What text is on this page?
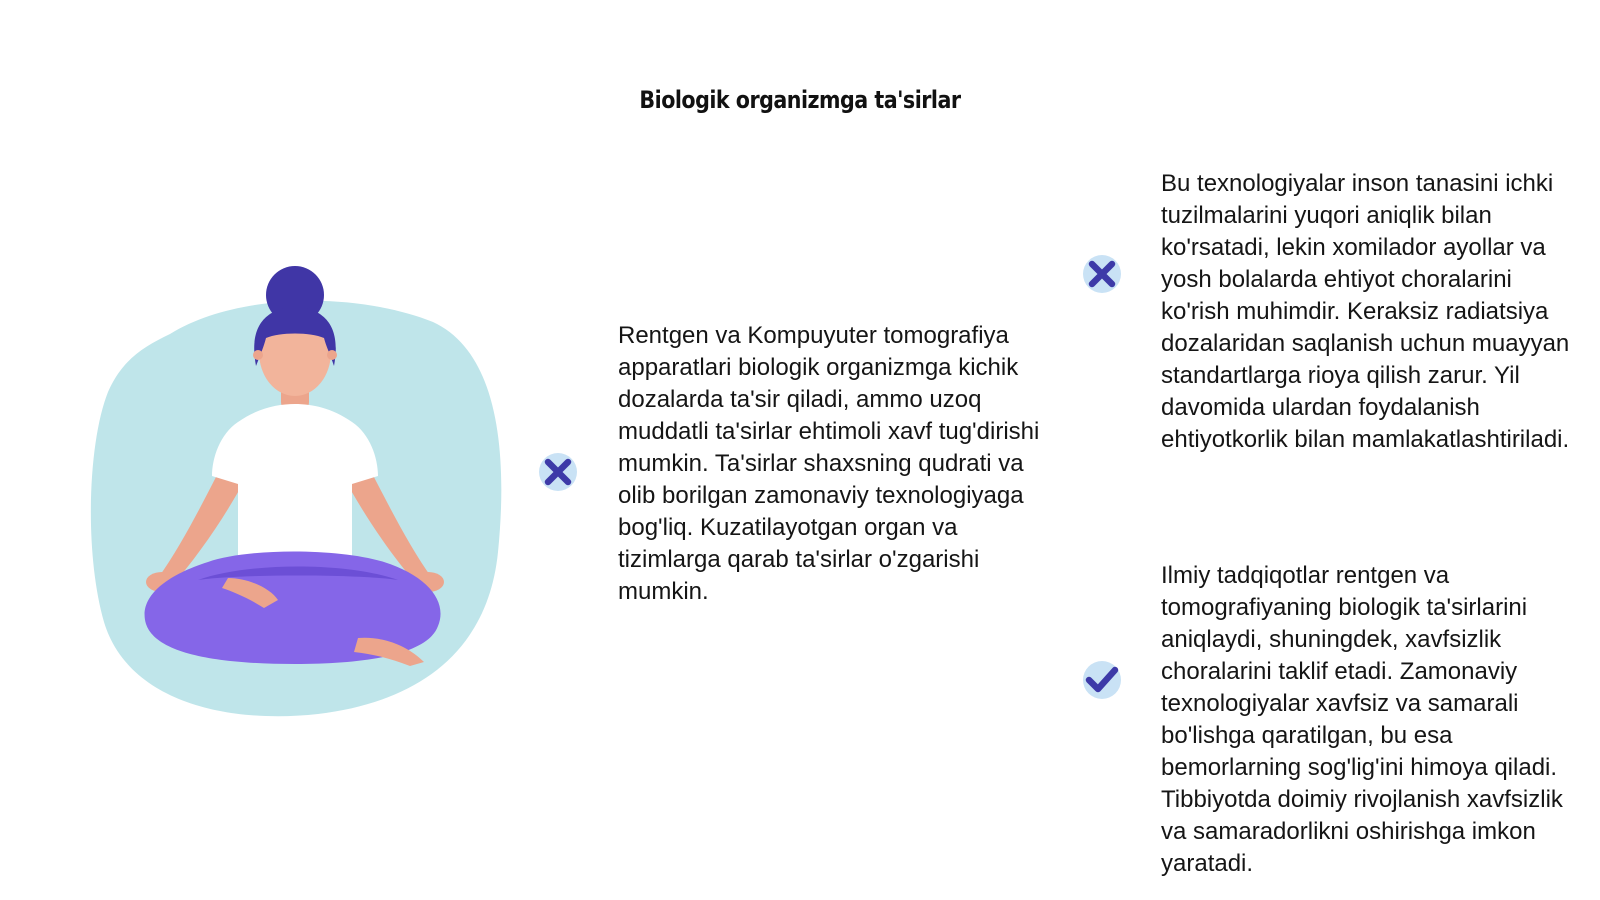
Biologik organizmga ta'sirlar
Rentgen va Kompuyuter tomografiya apparatlari biologik organizmga kichik dozalarda ta'sir qiladi, ammo uzoq muddatli ta'sirlar ehtimoli xavf tug'dirishi mumkin. Ta'sirlar shaxsning qudrati va olib borilgan zamonaviy texnologiyaga bog'liq. Kuzatilayotgan organ va tizimlarga qarab ta'sirlar o'zgarishi mumkin.
Bu texnologiyalar inson tanasini ichki tuzilmalarini yuqori aniqlik bilan ko'rsatadi, lekin xomilador ayollar va yosh bolalarda ehtiyot choralarini ko'rish muhimdir. Keraksiz radiatsiya dozalaridan saqlanish uchun muayyan standartlarga rioya qilish zarur. Yil davomida ulardan foydalanish ehtiyotkorlik bilan mamlakatlashtiriladi.
Ilmiy tadqiqotlar rentgen va tomografiyaning biologik ta'sirlarini aniqlaydi, shuningdek, xavfsizlik choralarini taklif etadi. Zamonaviy texnologiyalar xavfsiz va samarali bo'lishga qaratilgan, bu esa bemorlarning sog'lig'ini himoya qiladi. Tibbiyotda doimiy rivojlanish xavfsizlik va samaradorlikni oshirishga imkon yaratadi.
